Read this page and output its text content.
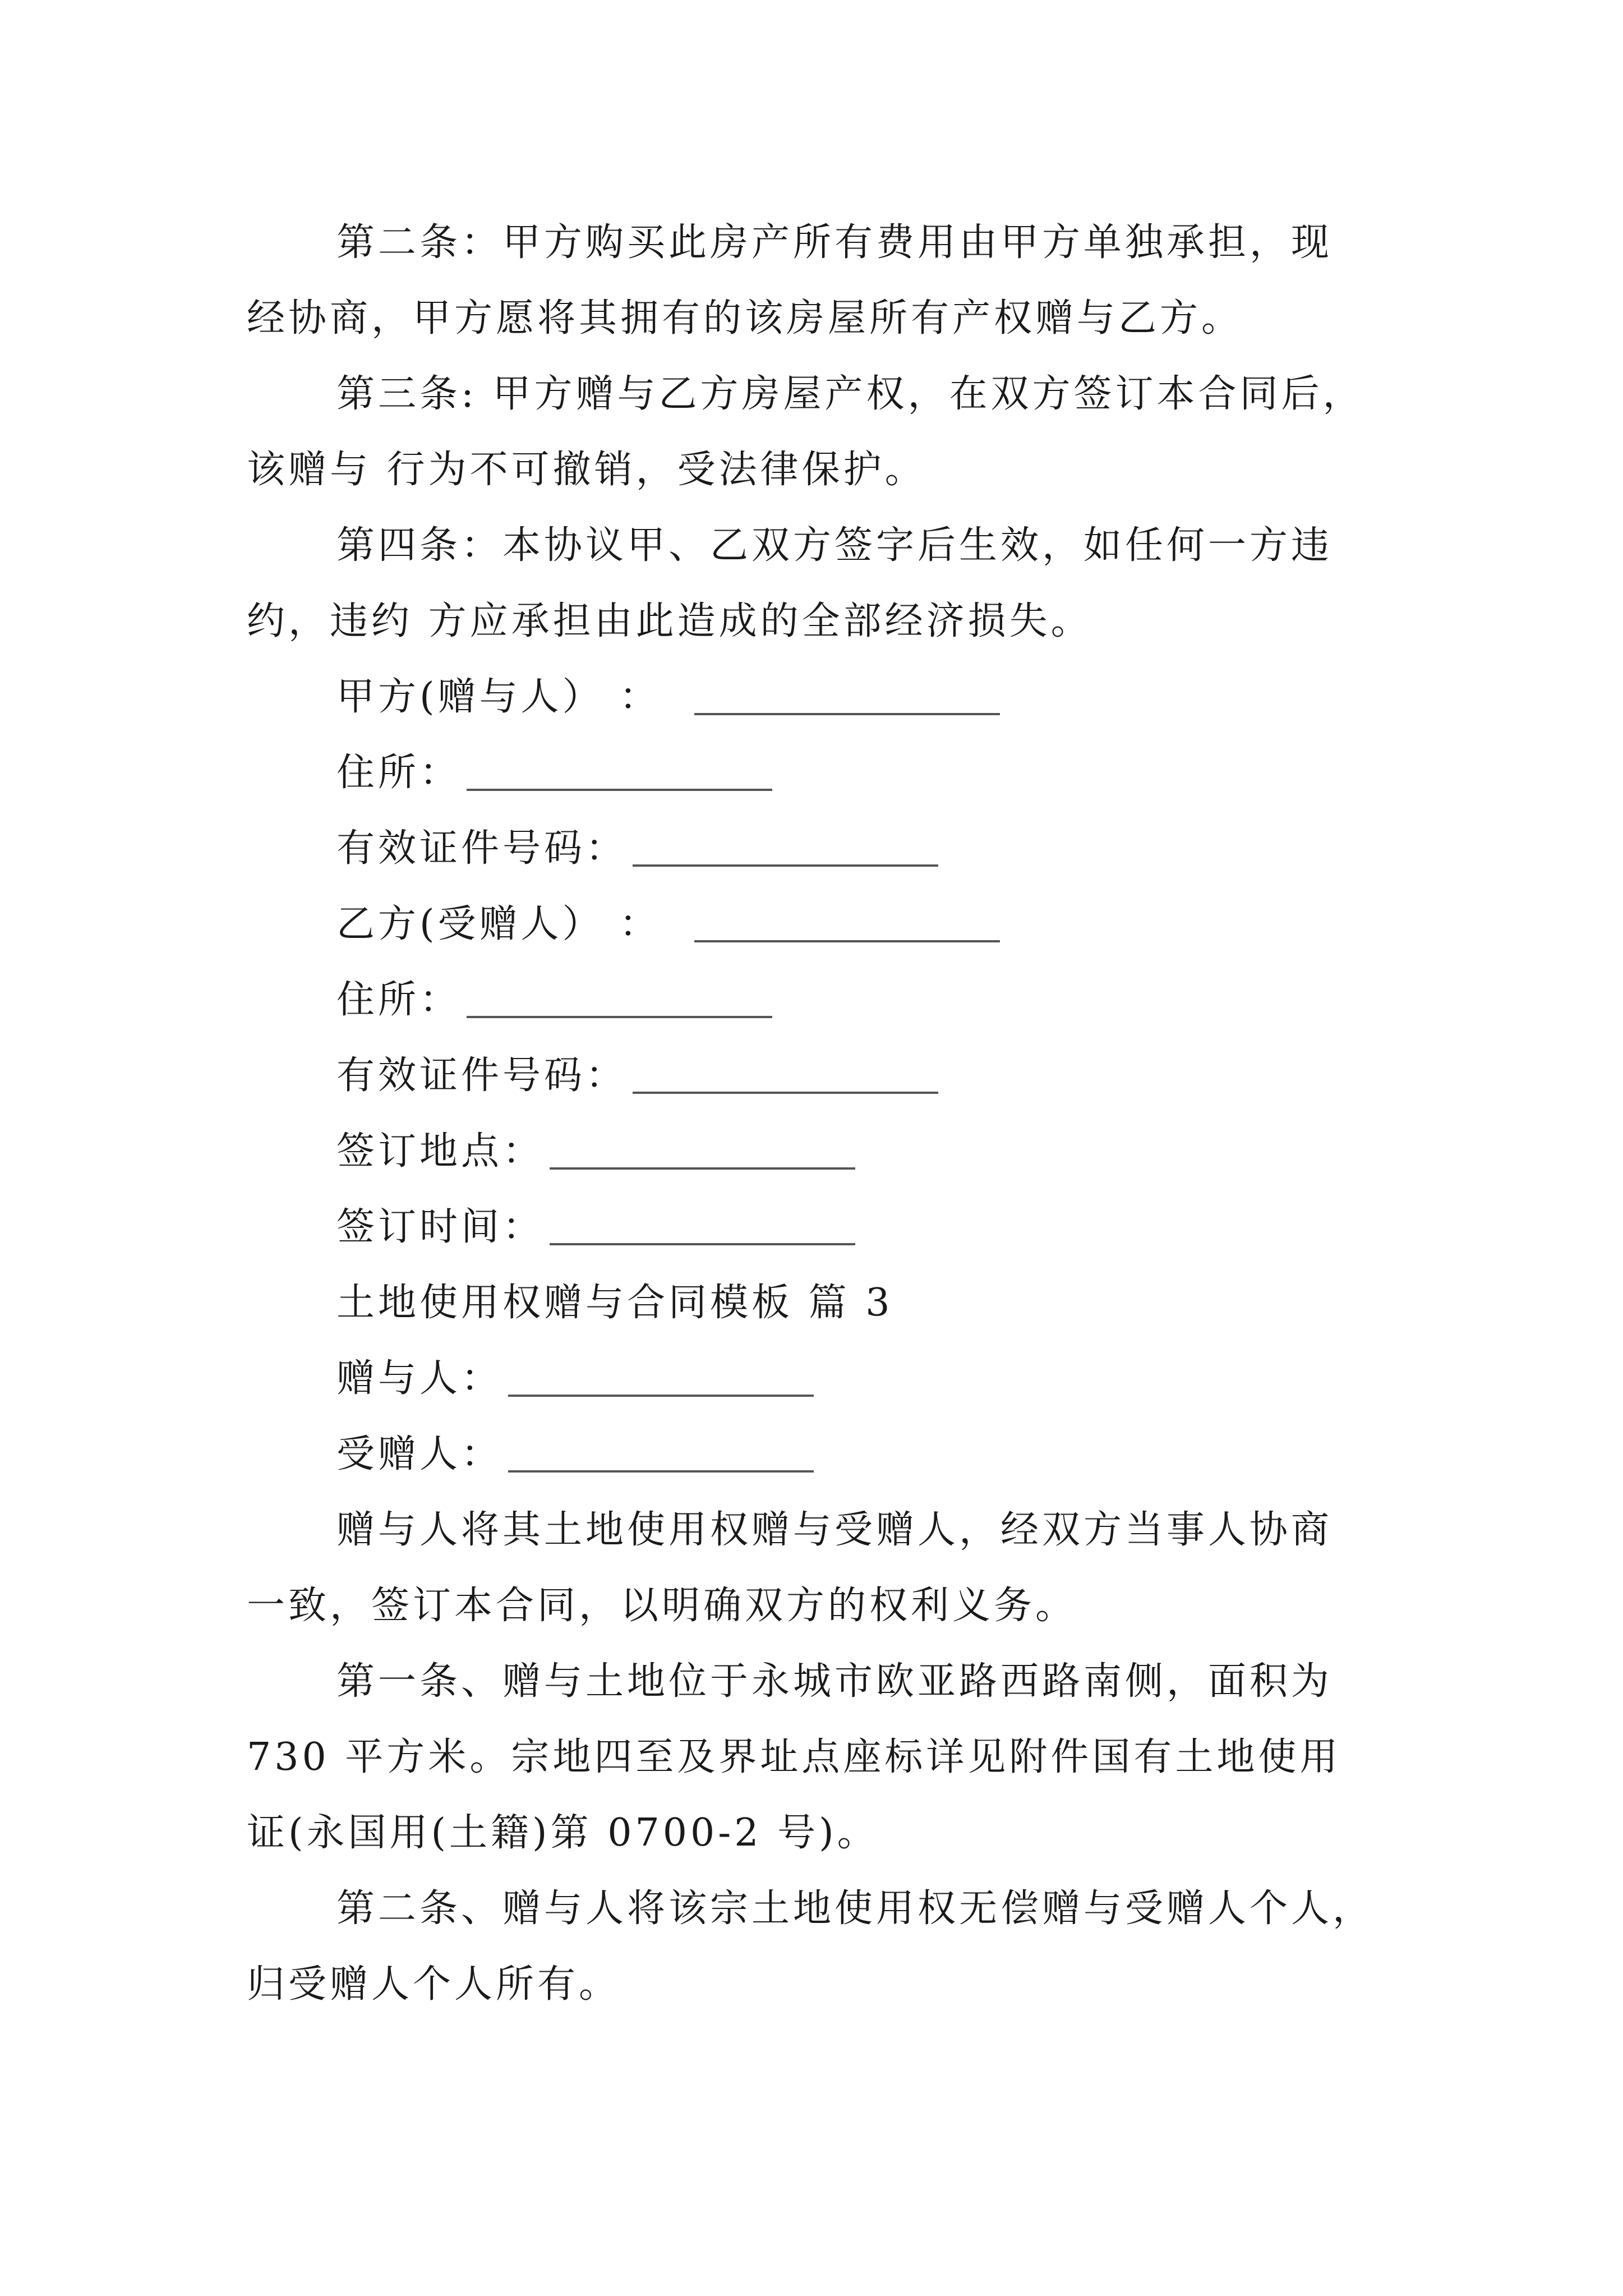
第二条：甲方购买此房产所有费用由甲方单独承担，现
经协商，甲方愿将其拥有的该房屋所有产权赠与乙方。
第三条: 甲方赠与乙方房屋产权，在双方签订本合同后，
该赠与 行为不可撤销，受法律保护。
第四条：本协议甲、乙双方签字后生效，如任何一方违
约，违约 方应承担由此造成的全部经济损失。
甲方(赠与人） ：
住所：
有效证件号码：
乙方(受赠人） ：
住所：
有效证件号码：
签订地点：
签订时间：
土地使用权赠与合同模板 篇 3
赠与人：
受赠人：
赠与人将其土地使用权赠与受赠人，经双方当事人协商
一致，签订本合同，以明确双方的权利义务。
第一条、赠与土地位于永城市欧亚路西路南侧，面积为
730 平方米。宗地四至及界址点座标详见附件国有土地使用
证(永国用(土籍)第 0700-2 号)。
第二条、赠与人将该宗土地使用权无偿赠与受赠人个人，
归受赠人个人所有。
